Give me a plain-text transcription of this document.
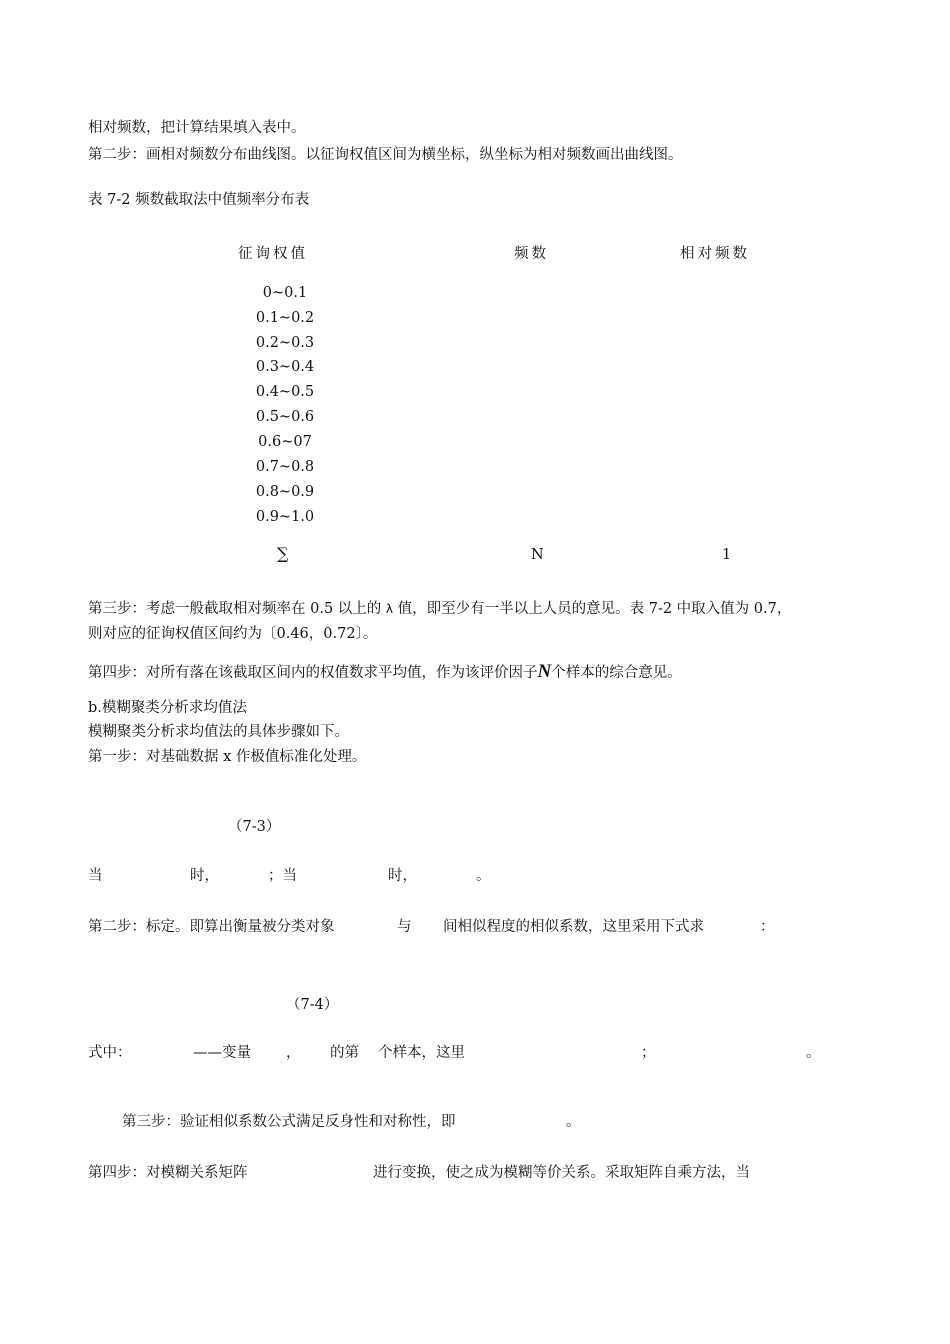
相对频数，把计算结果填入表中。
第二步：画相对频数分布曲线图。以征询权值区间为横坐标，纵坐标为相对频数画出曲线图。
表 7-2 频数截取法中值频率分布表
征询权值	频数	相对频数
0~0.1
0.1~0.2
0.2~0.3
0.3~0.4
0.4~0.5
0.5~0.6
0.6~07
0.7~0.8
0.8~0.9
0.9~1.0
∑	N	1
第三步：考虑一般截取相对频率在 0.5 以上的 λ 值，即至少有一半以上人员的意见。表 7-2 中取入值为 0.7，
则对应的征询权值区间约为〔0.46，0.72〕。
第四步：对所有落在该截取区间内的权值数求平均值，作为该评价因子N个样本的综合意见。
b.模糊聚类分析求均值法
模糊聚类分析求均值法的具体步骤如下。
第一步：对基础数据 x 作极值标准化处理。
（7-3）
当	时，	；当	时，	。
第二步：标定。即算出衡量被分类对象	与 间相似程度的相似系数，这里采用下式求	：
（7-4）
式中：	——变量 ， 的第 个样本，这里	；	。
第三步：验证相似系数公式满足反身性和对称性，即	。
第四步：对模糊关系矩阵	进行变换，使之成为模糊等价关系。采取矩阵自乘方法，当
